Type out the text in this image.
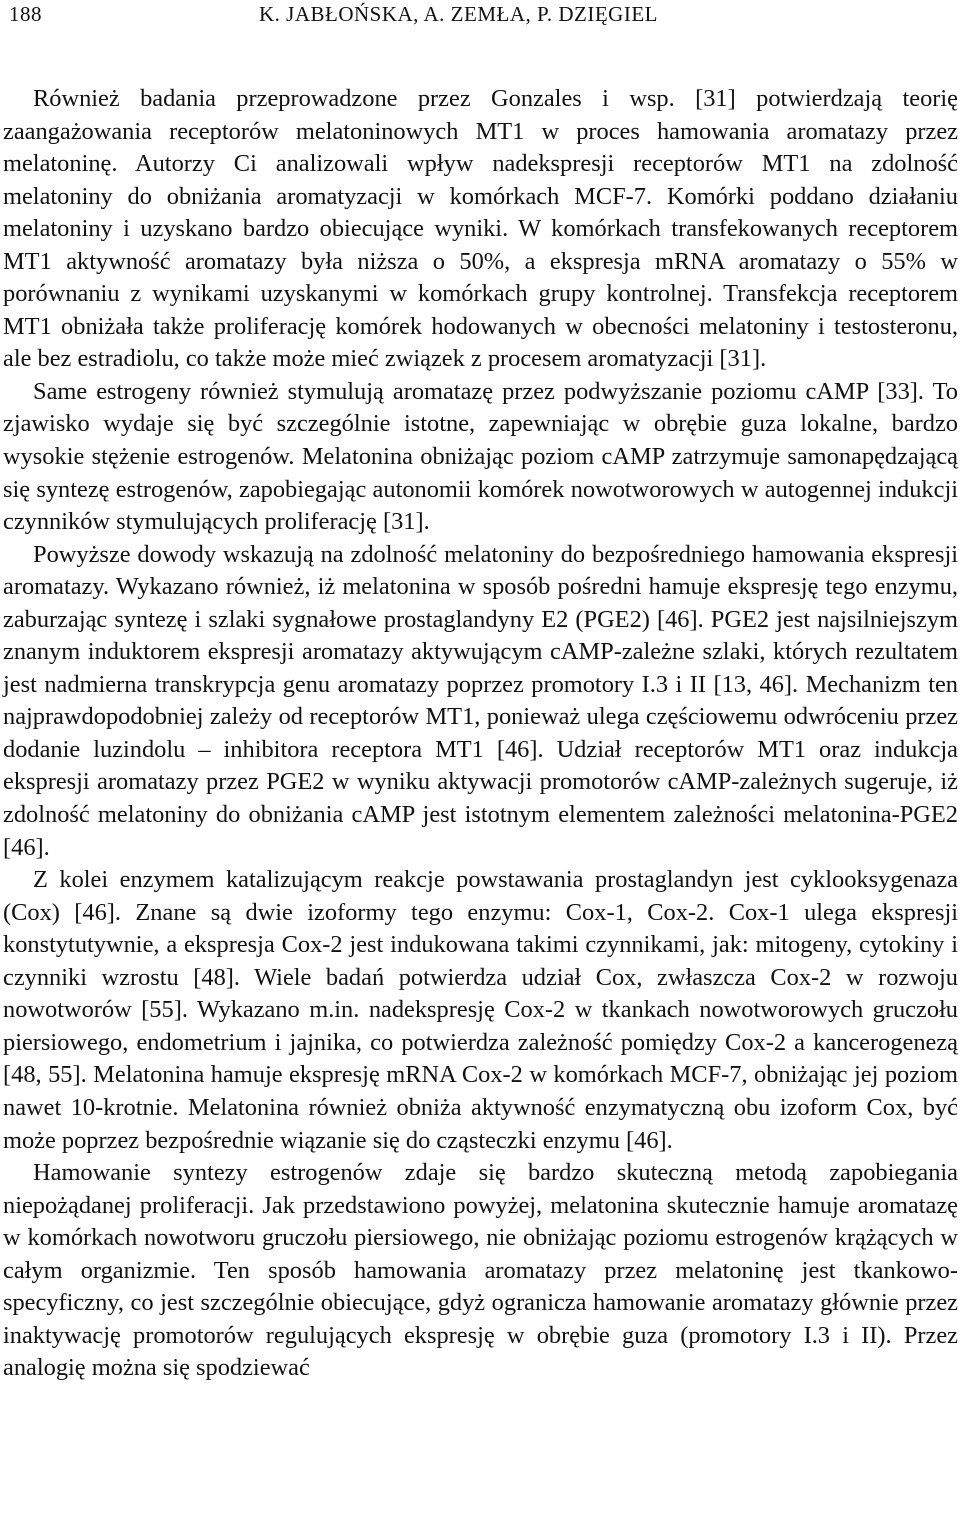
188	K. JABŁOŃSKA, A. ZEMŁA, P. DZIĘGIEL

Również badania przeprowadzone przez Gonzales i wsp. [31] potwierdzają teorię zaangażowania receptorów melatoninowych MT1 w proces hamowania aromatazy przez melatoninę. Autorzy Ci analizowali wpływ nadekspresji receptorów MT1 na zdolność melatoniny do obniżania aromatyzacji w komórkach MCF-7. Komórki poddano działaniu melatoniny i uzyskano bardzo obiecujące wyniki. W komórkach transfekowanych receptorem MT1 aktywność aromatazy była niższa o 50%, a ekspresja mRNA aromatazy o 55% w porównaniu z wynikami uzyskanymi w komórkach grupy kontrolnej. Transfekcja receptorem MT1 obniżała także proliferację komórek hodowanych w obecności melatoniny i testosteronu, ale bez estradiolu, co także może mieć związek z procesem aromatyzacji [31].

Same estrogeny również stymulują aromatazę przez podwyższanie poziomu cAMP [33]. To zjawisko wydaje się być szczególnie istotne, zapewniając w obrębie guza lokalne, bardzo wysokie stężenie estrogenów. Melatonina obniżając poziom cAMP zatrzymuje samonapędzającą się syntezę estrogenów, zapobiegając autonomii komórek nowotworowych w autogennej indukcji czynników stymulujących proliferację [31].

Powyższe dowody wskazują na zdolność melatoniny do bezpośredniego hamowania ekspresji aromatazy. Wykazano również, iż melatonina w sposób pośredni hamuje ekspresję tego enzymu, zaburzając syntezę i szlaki sygnałowe prostaglandyny E2 (PGE2) [46]. PGE2 jest najsilniejszym znanym induktorem ekspresji aromatazy aktywującym cAMP-zależne szlaki, których rezultatem jest nadmierna transkrypcja genu aromatazy poprzez promotory I.3 i II [13, 46]. Mechanizm ten najprawdopodobniej zależy od receptorów MT1, ponieważ ulega częściowemu odwróceniu przez dodanie luzindolu – inhibitora receptora MT1 [46]. Udział receptorów MT1 oraz indukcja ekspresji aromatazy przez PGE2 w wyniku aktywacji promotorów cAMP-zależnych sugeruje, iż zdolność melatoniny do obniżania cAMP jest istotnym elementem zależności melatonina-PGE2 [46].

Z kolei enzymem katalizującym reakcje powstawania prostaglandyn jest cyklooksygenaza (Cox) [46]. Znane są dwie izoformy tego enzymu: Cox-1, Cox-2. Cox-1 ulega ekspresji konstytutywnie, a ekspresja Cox-2 jest indukowana takimi czynnikami, jak: mitogeny, cytokiny i czynniki wzrostu [48]. Wiele badań potwierdza udział Cox, zwłaszcza Cox-2 w rozwoju nowotworów [55]. Wykazano m.in. nadekspresję Cox-2 w tkankach nowotworowych gruczołu piersiowego, endometrium i jajnika, co potwierdza zależność pomiędzy Cox-2 a kancerogenezą [48, 55]. Melatonina hamuje ekspresję mRNA Cox-2 w komórkach MCF-7, obniżając jej poziom nawet 10-krotnie. Melatonina również obniża aktywność enzymatyczną obu izoform Cox, być może poprzez bezpośrednie wiązanie się do cząsteczki enzymu [46].

Hamowanie syntezy estrogenów zdaje się bardzo skuteczną metodą zapobiegania niepożądanej proliferacji. Jak przedstawiono powyżej, melatonina skutecznie hamuje aromatazę w komórkach nowotworu gruczołu piersiowego, nie obniżając poziomu estrogenów krążących w całym organizmie. Ten sposób hamowania aromatazy przez melatoninę jest tkankowo-specyficzny, co jest szczególnie obiecujące, gdyż ogranicza hamowanie aromatazy głównie przez inaktywację promotorów regulujących ekspresję w obrębie guza (promotory I.3 i II). Przez analogię można się spodziewać
